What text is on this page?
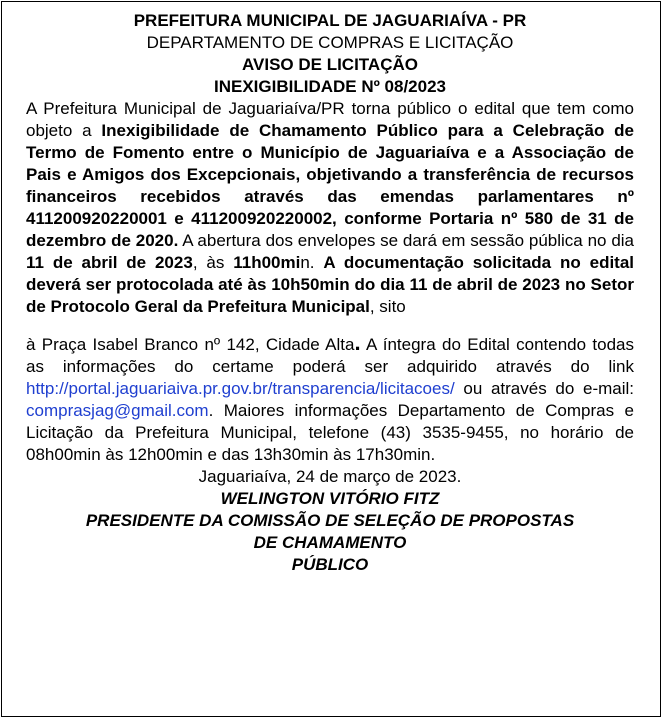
PREFEITURA MUNICIPAL DE JAGUARIAÍVA - PR
DEPARTAMENTO DE COMPRAS E LICITAÇÃO
AVISO DE LICITAÇÃO
INEXIGIBILIDADE Nº 08/2023

A Prefeitura Municipal de Jaguariaíva/PR torna público o edital que tem como objeto a Inexigibilidade de Chamamento Público para a Celebração de Termo de Fomento entre o Município de Jaguariaíva e a Associação de Pais e Amigos dos Excepcionais, objetivando a transferência de recursos financeiros recebidos através das emendas parlamentares nº 411200920220001 e 411200920220002, conforme Portaria nº 580 de 31 de dezembro de 2020. A abertura dos envelopes se dará em sessão pública no dia 11 de abril de 2023, às 11h00min. A documentação solicitada no edital deverá ser protocolada até às 10h50min do dia 11 de abril de 2023 no Setor de Protocolo Geral da Prefeitura Municipal, sito

à Praça Isabel Branco nº 142, Cidade Alta. A íntegra do Edital contendo todas as informações do certame poderá ser adquirido através do link http://portal.jaguariaiva.pr.gov.br/transparencia/licitacoes/ ou através do e-mail: comprasjag@gmail.com. Maiores informações Departamento de Compras e Licitação da Prefeitura Municipal, telefone (43) 3535-9455, no horário de 08h00min às 12h00min e das 13h30min às 17h30min.

Jaguariaíva, 24 de março de 2023.
WELINGTON VITÓRIO FITZ
PRESIDENTE DA COMISSÃO DE SELEÇÃO DE PROPOSTAS
DE CHAMAMENTO
PÚBLICO
